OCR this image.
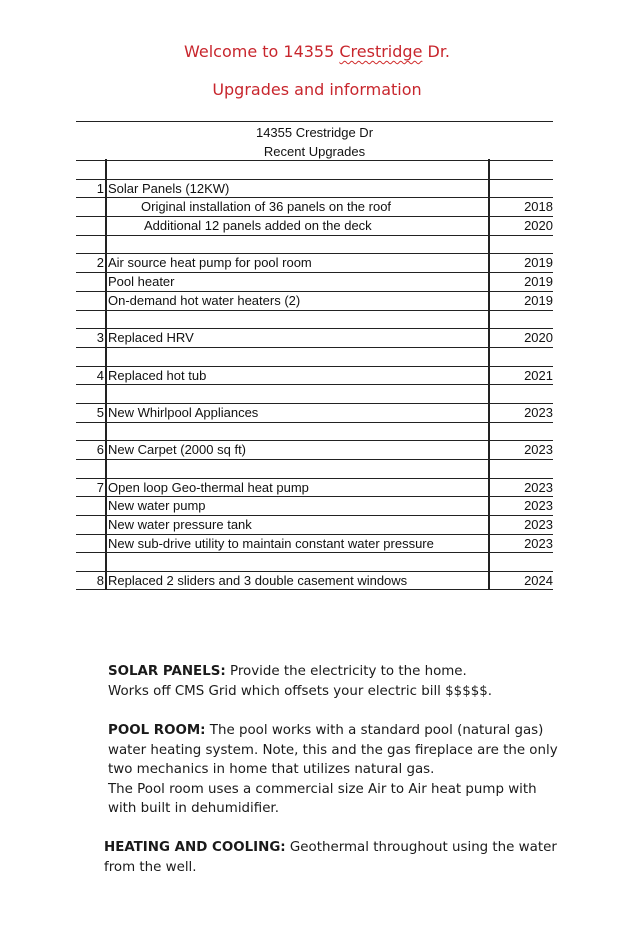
Welcome to 14355 Crestridge Dr.
Upgrades and information
14355 Crestridge Dr
Recent Upgrades
1 Solar Panels (12KW)
Original installation of 36 panels on the roof	2018
Additional 12 panels added on the deck	2020
2 Air source heat pump for pool room	2019
Pool heater	2019
On-demand hot water heaters (2)	2019
3 Replaced HRV	2020
4 Replaced hot tub	2021
5 New Whirlpool Appliances	2023
6 New Carpet (2000 sq ft)	2023
7 Open loop Geo-thermal heat pump	2023
New water pump	2023
New water pressure tank	2023
New sub-drive utility to maintain constant water pressure	2023
8 Replaced 2 sliders and 3 double casement windows	2024
SOLAR PANELS: Provide the electricity to the home.
Works off CMS Grid which offsets your electric bill $$$$$.
POOL ROOM: The pool works with a standard pool (natural gas)
water heating system. Note, this and the gas fireplace are the only
two mechanics in home that utilizes natural gas.
The Pool room uses a commercial size Air to Air heat pump with
with built in dehumidifier.
HEATING AND COOLING: Geothermal throughout using the water
from the well.
